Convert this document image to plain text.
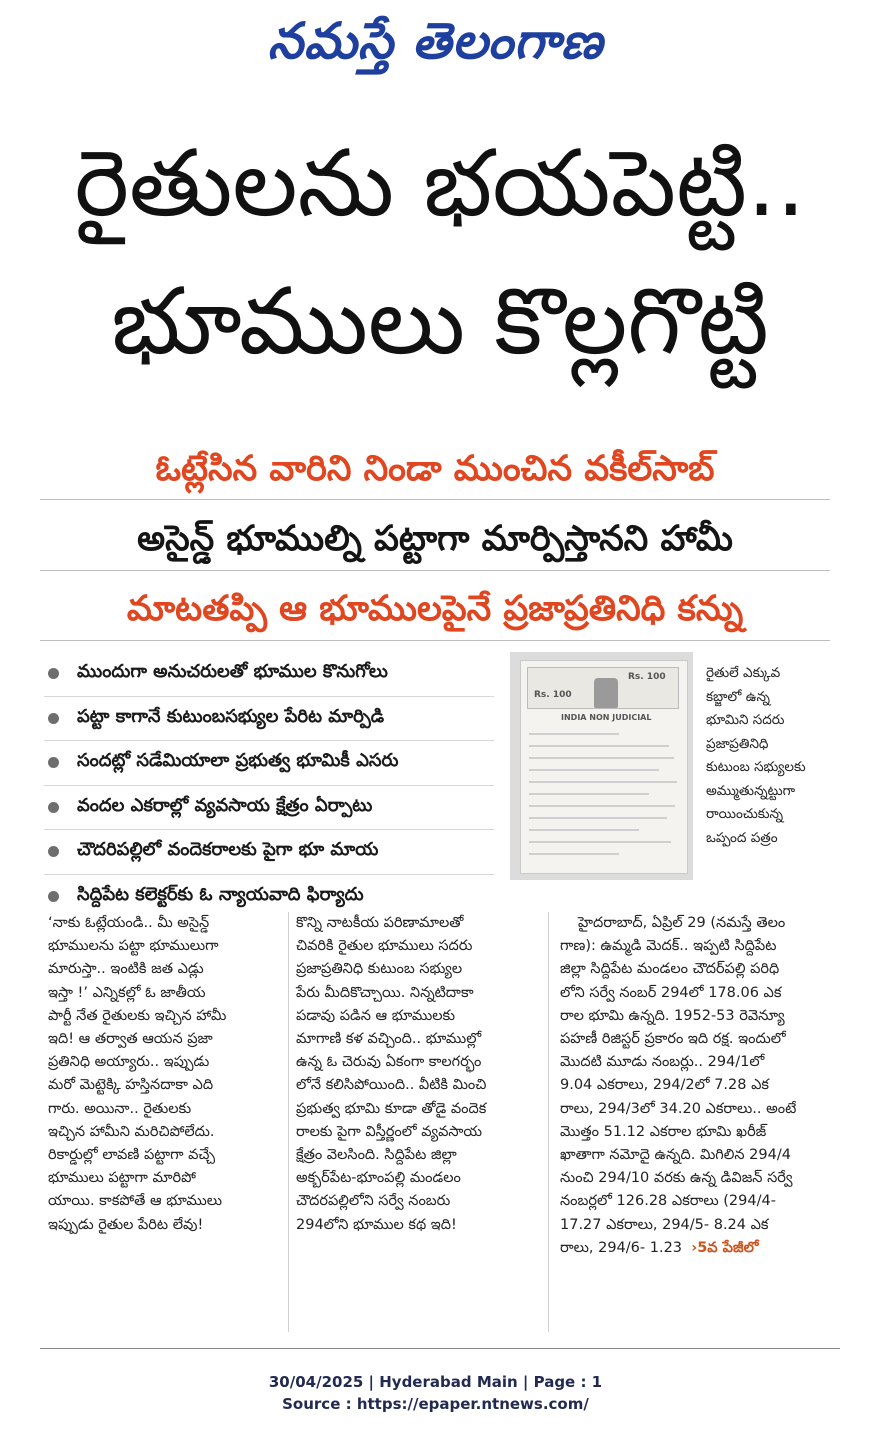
నమస్తే తెలంగాణ
రైతులను భయపెట్టి..
భూములు కొల్లగొట్టి
ఓట్లేసిన వారిని నిండా ముంచిన వకీల్‌సాబ్
అసైన్డ్ భూముల్ని పట్టాగా మార్పిస్తానని హామీ
మాటతప్పి ఆ భూములపైనే ప్రజాప్రతినిధి కన్ను
ముందుగా అనుచరులతో భూముల కొనుగోలు
పట్టా కాగానే కుటుంబసభ్యుల పేరిట మార్పిడి
సందట్లో సడేమియాలా ప్రభుత్వ భూమికీ ఎసరు
వందల ఎకరాల్లో వ్యవసాయ క్షేత్రం ఏర్పాటు
చౌదరిపల్లిలో వందెకరాలకు పైగా భూ మాయ
సిద్దిపేట కలెక్టర్‌కు ఓ న్యాయవాది ఫిర్యాదు
Rs. 100
Rs. 100
INDIA NON JUDICIAL
రైతులే ఎక్కువ
కబ్జాలో ఉన్న
భూమిని సదరు
ప్రజాప్రతినిధి
కుటుంబ సభ్యులకు
అమ్ముతున్నట్టుగా
రాయించుకున్న
ఒప్పంద పత్రం
‘నాకు ఓట్లేయండి.. మీ అసైన్డ్
భూములను పట్టా భూములుగా
మారుస్తా.. ఇంటికి జత ఎడ్లు
ఇస్తా !’ ఎన్నికల్లో ఓ జాతీయ
పార్టీ నేత రైతులకు ఇచ్చిన హామీ
ఇది! ఆ తర్వాత ఆయన ప్రజా
ప్రతినిధి అయ్యారు.. ఇప్పుడు
మరో మెట్టెక్కి హస్తినదాకా ఎది
గారు. అయినా.. రైతులకు
ఇచ్చిన హామీని మరిచిపోలేదు.
రికార్డుల్లో లావణి పట్టాగా వచ్చే
భూములు పట్టాగా మారిపో
యాయి. కాకపోతే ఆ భూములు
ఇప్పుడు రైతుల పేరిట లేవు!
కొన్ని నాటకీయ పరిణామాలతో
చివరికి రైతుల భూములు సదరు
ప్రజాప్రతినిధి కుటుంబ సభ్యుల
పేరు మీదికొచ్చాయి. నిన్నటిదాకా
పడావు పడిన ఆ భూములకు
మాగాణి కళ వచ్చింది.. భూముల్లో
ఉన్న ఓ చెరువు ఏకంగా కాలగర్భం
లోనే కలిసిపోయింది.. వీటికి మించి
ప్రభుత్వ భూమి కూడా తోడై వందెక
రాలకు పైగా విస్తీర్ణంలో వ్యవసాయ
క్షేత్రం వెలసింది. సిద్దిపేట జిల్లా
అక్బర్‌పేట-భూంపల్లి మండలం
చౌదరపల్లిలోని సర్వే నంబరు
294లోని భూముల కథ ఇది!
హైదరాబాద్, ఏప్రిల్ 29 (నమస్తే తెలం
గాణ): ఉమ్మడి మెదక్.. ఇప్పటి సిద్దిపేట
జిల్లా సిద్దిపేట మండలం చౌదర్‌పల్లి పరిధి
లోని సర్వే నంబర్ 294లో 178.06 ఎక
రాల భూమి ఉన్నది. 1952-53 రెవెన్యూ
పహణీ రిజిస్టర్ ప్రకారం ఇది రక్ష. ఇందులో
మొదటి మూడు నంబర్లు.. 294/1లో
9.04 ఎకరాలు, 294/2లో 7.28 ఎక
రాలు, 294/3లో 34.20 ఎకరాలు.. అంటే
మొత్తం 51.12 ఎకరాల భూమి ఖరీజ్
ఖాతాగా నమోదై ఉన్నది. మిగిలిన 294/4
నుంచి 294/10 వరకు ఉన్న డివిజన్ సర్వే
నంబర్లలో 126.28 ఎకరాలు (294/4-
17.27 ఎకరాలు, 294/5- 8.24 ఎక
రాలు, 294/6- 1.23 ›5వ పేజీలో
30/04/2025 | Hyderabad Main | Page : 1
Source : https://epaper.ntnews.com/
